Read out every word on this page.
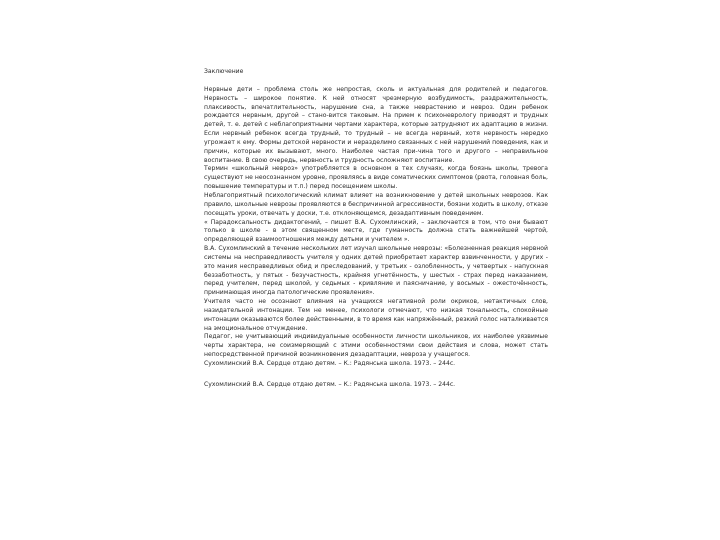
Заключение

Нервные дети – проблема столь же непростая, сколь и актуальная для родителей и педагогов. Нервность – широкое понятие. К ней относят чрезмерную возбудимость, раздражительность, плаксивость, впечатлительность, нарушение сна, а также неврастению и невроз. Один ребенок рождается нервным, другой – стано-вится таковым. На прием к психоневрологу приводят и трудных детей, т. е. детей с неблагоприятными чертами характера, которые затрудняют их адаптацию в жизни. Если нервный ребенок всегда трудный, то трудный – не всегда нервный, хотя нервность нередко угрожает к ему. Формы детской нервности и неразделимо связанных с ней нарушений поведения, как и причин, которые их вызывают, много. Наиболее частая при-чина того и другого – неправильное воспитание. В свою очередь, нервность и трудность осложняют воспитание.

Термин «школьный невроз» употребляется в основном в тех случаях, когда боязнь школы, тревога существуют не неосознанном уровне, проявляясь в виде соматических симптомов (рвота, головная боль, повышение температуры и т.п.) перед посещением школы.

Неблагоприятный психологический климат влияет на возникновение у детей школьных неврозов. Как правило, школьные неврозы проявляются в беспричинной агрессивности, боязни ходить в школу, отказе посещать уроки, отвечать у доски, т.е. отклоняющемся, дезадаптивным поведением.

« Парадоксальность дидактогений, – пишет В.А. Сухомлинский, – заключается в том, что они бывают только в школе - в этом священном месте, где гуманность должна стать важнейшей чертой, определяющей взаимоотношения между детьми и учителем ».

В.А. Сухомлинский в течение нескольких лет изучал школьные неврозы: «Болезненная реакция нервной системы на несправедливость учителя у одних детей приобретает характер взвинченности, у других - это мания несправедливых обид и преследований, у третьих - озлобленность, у четвертых - напускная беззаботность, у пятых - безучастность, крайняя угнетённость, у шестых - страх перед наказанием, перед учителем, перед школой, у седьмых - кривляние и паясничание, у восьмых - ожесточённость, принимающая иногда патологические проявления».

Учителя часто не осознают влияния на учащихся негативной роли окриков, нетактичных слов, назидательной интонации. Тем не менее, психологи отмечают, что низкая тональность, спокойные интонации оказываются более действенными, в то время как напряжённый, резкий голос наталкивается на эмоциональное отчуждение.

Педагог, не учитывающий индивидуальные особенности личности школьников, их наиболее уязвимые черты характера, не соизмеряющий с этими особенностями свои действия и слова, может стать непосредственной причиной возникновения дезадаптации, невроза у учащегося.

Сухомлинский В.А. Сердце отдаю детям. – К.: Радянська школа. 1973. – 244с.

Сухомлинский В.А. Сердце отдаю детям. – К.: Радянська школа. 1973. – 244с.
